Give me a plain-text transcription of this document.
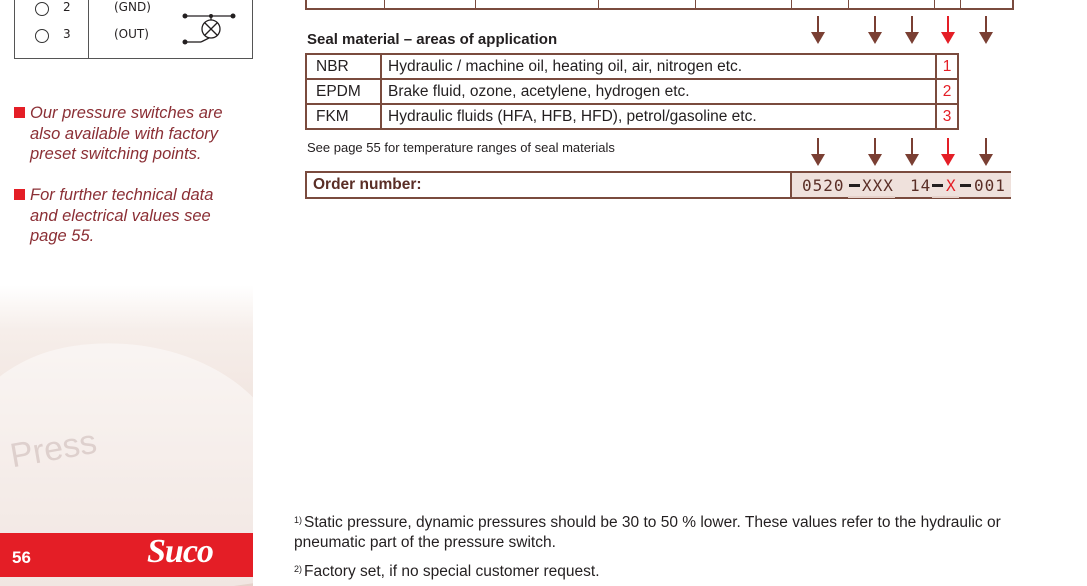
Press
2	(GND)
3	(OUT)
Our pressure switches are also available with factory preset switching points.
For further technical data and electrical values see page 55.
56	Suco
Seal material – areas of application
NBR	Hydraulic / machine oil, heating oil, air, nitrogen etc.	1
EPDM	Brake fluid, ozone, acetylene, hydrogen etc.	2
FKM	Hydraulic fluids (HFA, HFB, HFD), petrol/gasoline etc.	3
See page 55 for temperature ranges of seal materials
Order number:	0520 XXX 14 X 001
$^{1)}$ Static pressure, dynamic pressures should be 30 to 50 % lower. These values refer to the hydraulic or pneumatic part of the pressure switch.
$^{2)}$ Factory set, if no special customer request.
